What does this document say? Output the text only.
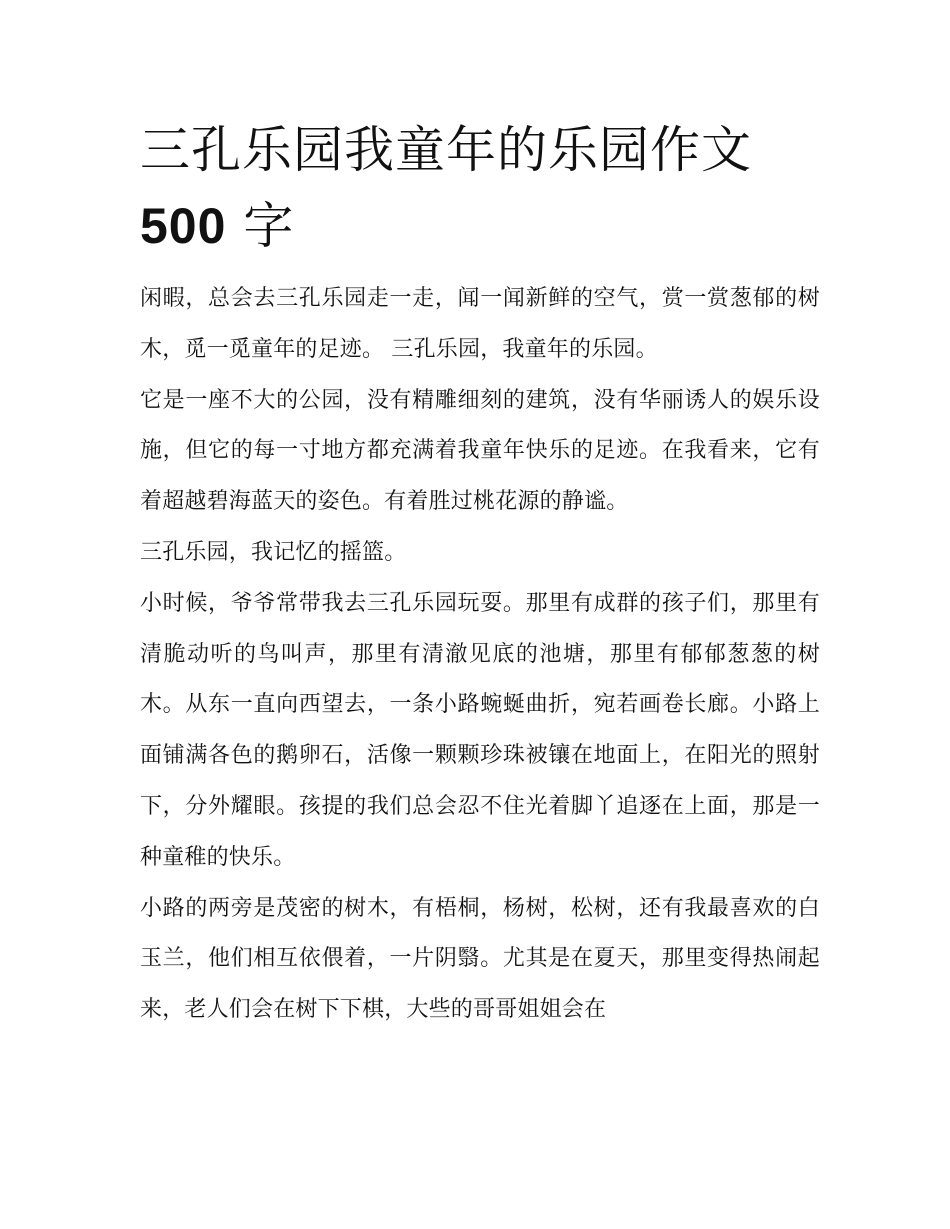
三孔乐园我童年的乐园作文
500 字

闲暇，总会去三孔乐园走一走，闻一闻新鲜的空气，赏一赏葱郁的树木，觅一觅童年的足迹。 三孔乐园，我童年的乐园。

它是一座不大的公园，没有精雕细刻的建筑，没有华丽诱人的娱乐设施，但它的每一寸地方都充满着我童年快乐的足迹。在我看来，它有着超越碧海蓝天的姿色。有着胜过桃花源的静谧。

三孔乐园，我记忆的摇篮。

小时候，爷爷常带我去三孔乐园玩耍。那里有成群的孩子们，那里有清脆动听的鸟叫声，那里有清澈见底的池塘，那里有郁郁葱葱的树木。从东一直向西望去，一条小路蜿蜒曲折，宛若画卷长廊。小路上面铺满各色的鹅卵石，活像一颗颗珍珠被镶在地面上，在阳光的照射下，分外耀眼。孩提的我们总会忍不住光着脚丫追逐在上面，那是一种童稚的快乐。

小路的两旁是茂密的树木，有梧桐，杨树，松树，还有我最喜欢的白玉兰，他们相互依偎着，一片阴翳。尤其是在夏天，那里变得热闹起来，老人们会在树下下棋，大些的哥哥姐姐会在
